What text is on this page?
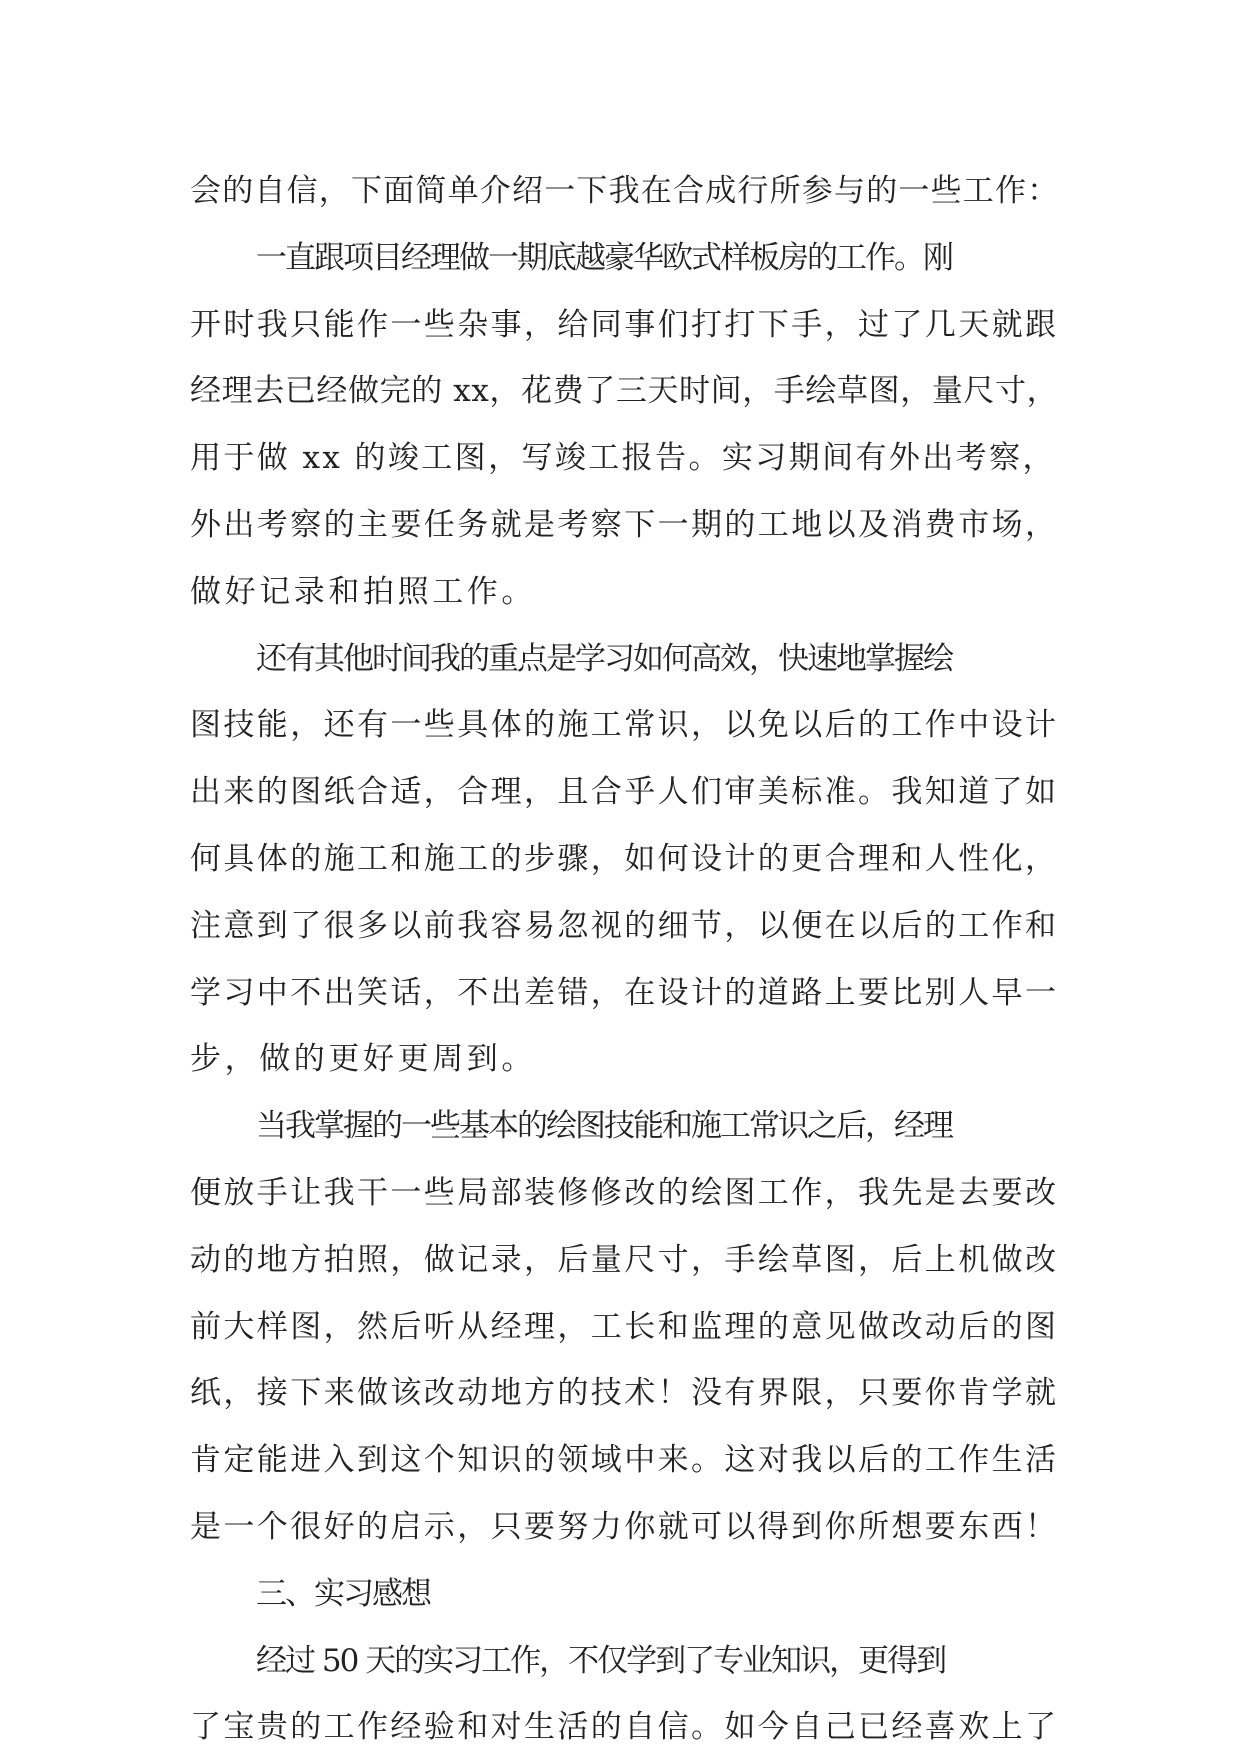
会的自信，下面简单介绍一下我在合成行所参与的一些工作：
一直跟项目经理做一期底越豪华欧式样板房的工作。刚
开时我只能作一些杂事，给同事们打打下手，过了几天就跟
经理去已经做完的 xx，花费了三天时间，手绘草图，量尺寸，
用于做 xx 的竣工图，写竣工报告。实习期间有外出考察，
外出考察的主要任务就是考察下一期的工地以及消费市场，
做好记录和拍照工作。
还有其他时间我的重点是学习如何高效，快速地掌握绘
图技能，还有一些具体的施工常识，以免以后的工作中设计
出来的图纸合适，合理，且合乎人们审美标准。我知道了如
何具体的施工和施工的步骤，如何设计的更合理和人性化，
注意到了很多以前我容易忽视的细节，以便在以后的工作和
学习中不出笑话，不出差错，在设计的道路上要比别人早一
步，做的更好更周到。
当我掌握的一些基本的绘图技能和施工常识之后，经理
便放手让我干一些局部装修修改的绘图工作，我先是去要改
动的地方拍照，做记录，后量尺寸，手绘草图，后上机做改
前大样图，然后听从经理，工长和监理的意见做改动后的图
纸，接下来做该改动地方的技术！没有界限，只要你肯学就
肯定能进入到这个知识的领域中来。这对我以后的工作生活
是一个很好的启示，只要努力你就可以得到你所想要东西！
三、实习感想
经过 50 天的实习工作，不仅学到了专业知识，更得到
了宝贵的工作经验和对生活的自信。如今自己已经喜欢上了
